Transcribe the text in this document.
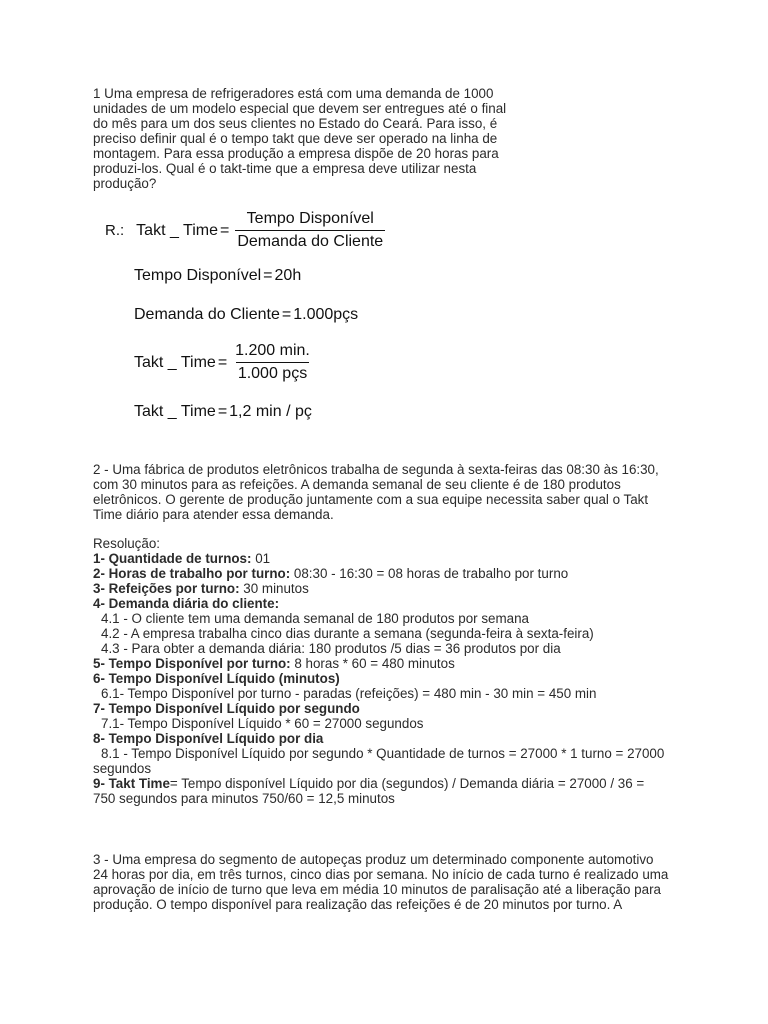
1 Uma empresa de refrigeradores está com uma demanda de 1000

unidades de um modelo especial que devem ser entregues até o final

do mês para um dos seus clientes no Estado do Ceará. Para isso, é

preciso definir qual é o tempo takt que deve ser operado na linha de

montagem. Para essa produção a empresa dispõe de 20 horas para

produzi-los. Qual é o takt-time que a empresa deve utilizar nesta

produção?

R.: Takt _ Time = $\frac{\text{Tempo Disponível}}{\text{Demanda do Cliente}}$
Tempo Disponível = 20h
Demanda do Cliente = 1.000pçs
Takt _ Time = $\frac{1.200 \min.}{\text{1.000 pçs}}$
Takt _ Time = 1,2 min / pç

2 - Uma fábrica de produtos eletrônicos trabalha de segunda à sexta-feiras das 08:30 às 16:30,

com 30 minutos para as refeições. A demanda semanal de seu cliente é de 180 produtos

eletrônicos. O gerente de produção juntamente com a sua equipe necessita saber qual o Takt

Time diário para atender essa demanda.

Resolução:

1- Quantidade de turnos: 01
2- Horas de trabalho por turno: 08:30 - 16:30 = 08 horas de trabalho por turno
3- Refeições por turno: 30 minutos
4- Demanda diária do cliente:
4.1 - O cliente tem uma demanda semanal de 180 produtos por semana
4.2 - A empresa trabalha cinco dias durante a semana (segunda-feira à sexta-feira)
4.3 - Para obter a demanda diária: 180 produtos /5 dias = 36 produtos por dia
5- Tempo Disponível por turno: 8 horas * 60 = 480 minutos
6- Tempo Disponível Líquido (minutos)
6.1- Tempo Disponível por turno - paradas (refeições) = 480 min - 30 min = 450 min
7- Tempo Disponível Líquido por segundo
7.1- Tempo Disponível Líquido * 60 = 27000 segundos
8- Tempo Disponível Líquido por dia
8.1 - Tempo Disponível Líquido por segundo * Quantidade de turnos = 27000 * 1 turno = 27000
segundos
9- Takt Time= Tempo disponível Líquido por dia (segundos) / Demanda diária = 27000 / 36 =
750 segundos para minutos 750/60 = 12,5 minutos

3 - Uma empresa do segmento de autopeças produz um determinado componente automotivo

24 horas por dia, em três turnos, cinco dias por semana. No início de cada turno é realizado uma

aprovação de início de turno que leva em média 10 minutos de paralisação até a liberação para

produção. O tempo disponível para realização das refeições é de 20 minutos por turno. A
